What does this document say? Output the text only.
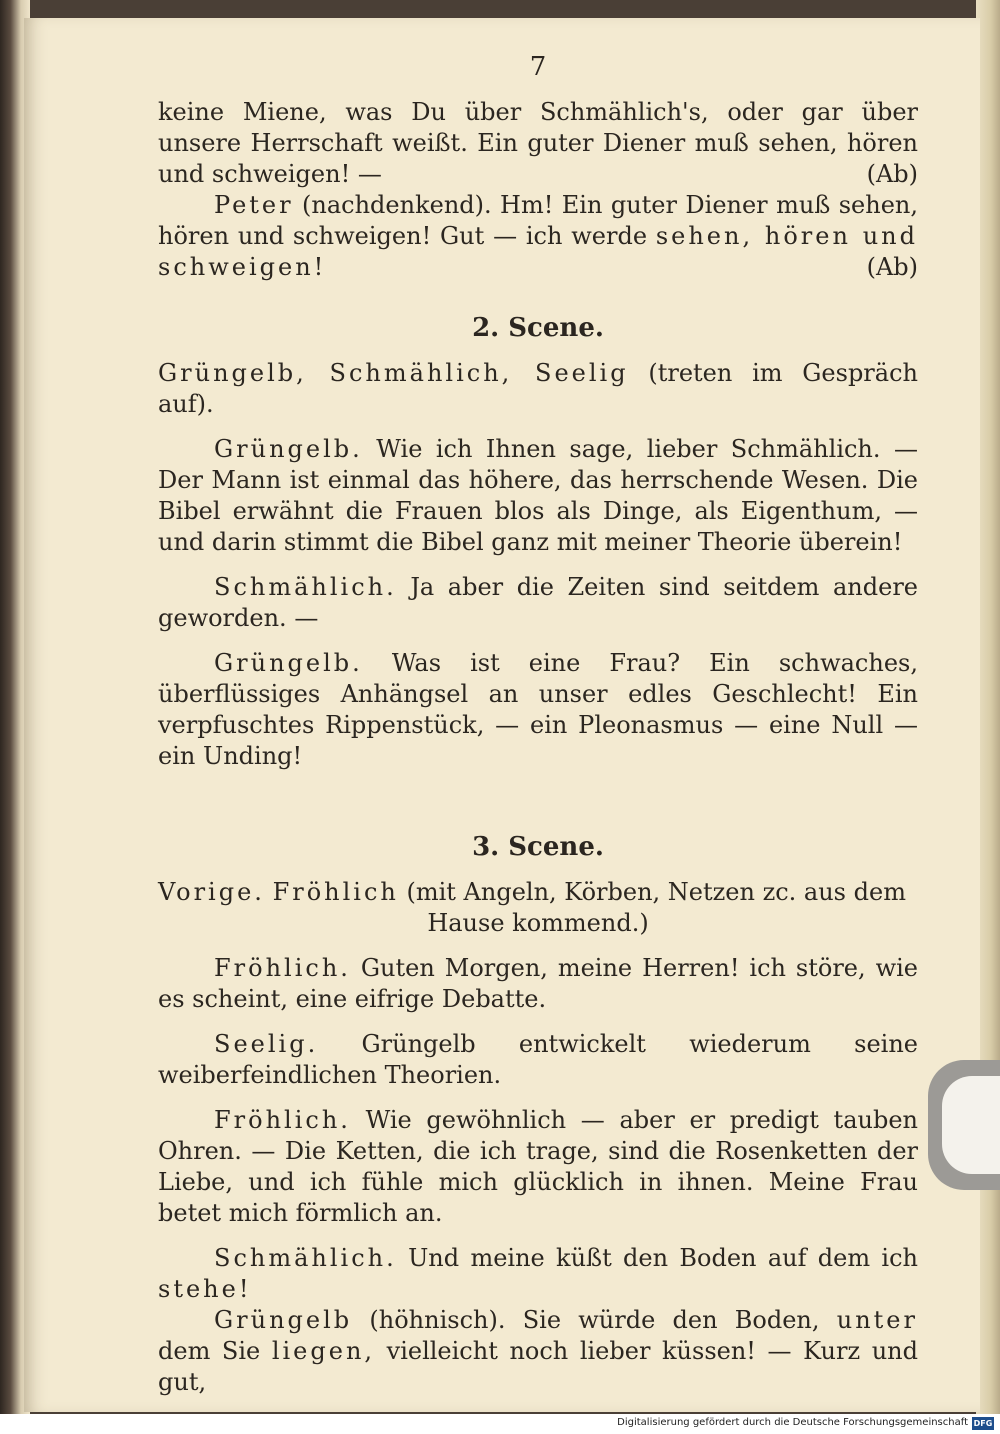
7

keine Miene, was Du über Schmählich's, oder gar über unsere Herrschaft weißt. Ein guter Diener muß sehen, hören und schweigen! —	(Ab)

Peter (nachdenkend). Hm! Ein guter Diener muß sehen, hören und schweigen! Gut — ich werde sehen, hören und schweigen!	(Ab)

2. Scene.

Grüngelb, Schmählich, Seelig (treten im Gespräch auf).

Grüngelb. Wie ich Ihnen sage, lieber Schmählich. — Der Mann ist einmal das höhere, das herrschende Wesen. Die Bibel erwähnt die Frauen blos als Dinge, als Eigenthum, — und darin stimmt die Bibel ganz mit meiner Theorie überein!

Schmählich. Ja aber die Zeiten sind seitdem andere geworden. —

Grüngelb. Was ist eine Frau? Ein schwaches, überflüssiges Anhängsel an unser edles Geschlecht! Ein verpfuschtes Rippenstück, — ein Pleonasmus — eine Null — ein Unding!

3. Scene.

Vorige. Fröhlich (mit Angeln, Körben, Netzen zc. aus dem

Hause kommend.)

Fröhlich. Guten Morgen, meine Herren! ich störe, wie es scheint, eine eifrige Debatte.

Seelig. Grüngelb entwickelt wiederum seine weiberfeindlichen Theorien.

Fröhlich. Wie gewöhnlich — aber er predigt tauben Ohren. — Die Ketten, die ich trage, sind die Rosenketten der Liebe, und ich fühle mich glücklich in ihnen. Meine Frau betet mich förmlich an.

Schmählich. Und meine küßt den Boden auf dem ich stehe!

Grüngelb (höhnisch). Sie würde den Boden, unter dem Sie liegen, vielleicht noch lieber küssen! — Kurz und gut,

Digitalisierung gefördert durch die Deutsche Forschungsgemeinschaft DFG
